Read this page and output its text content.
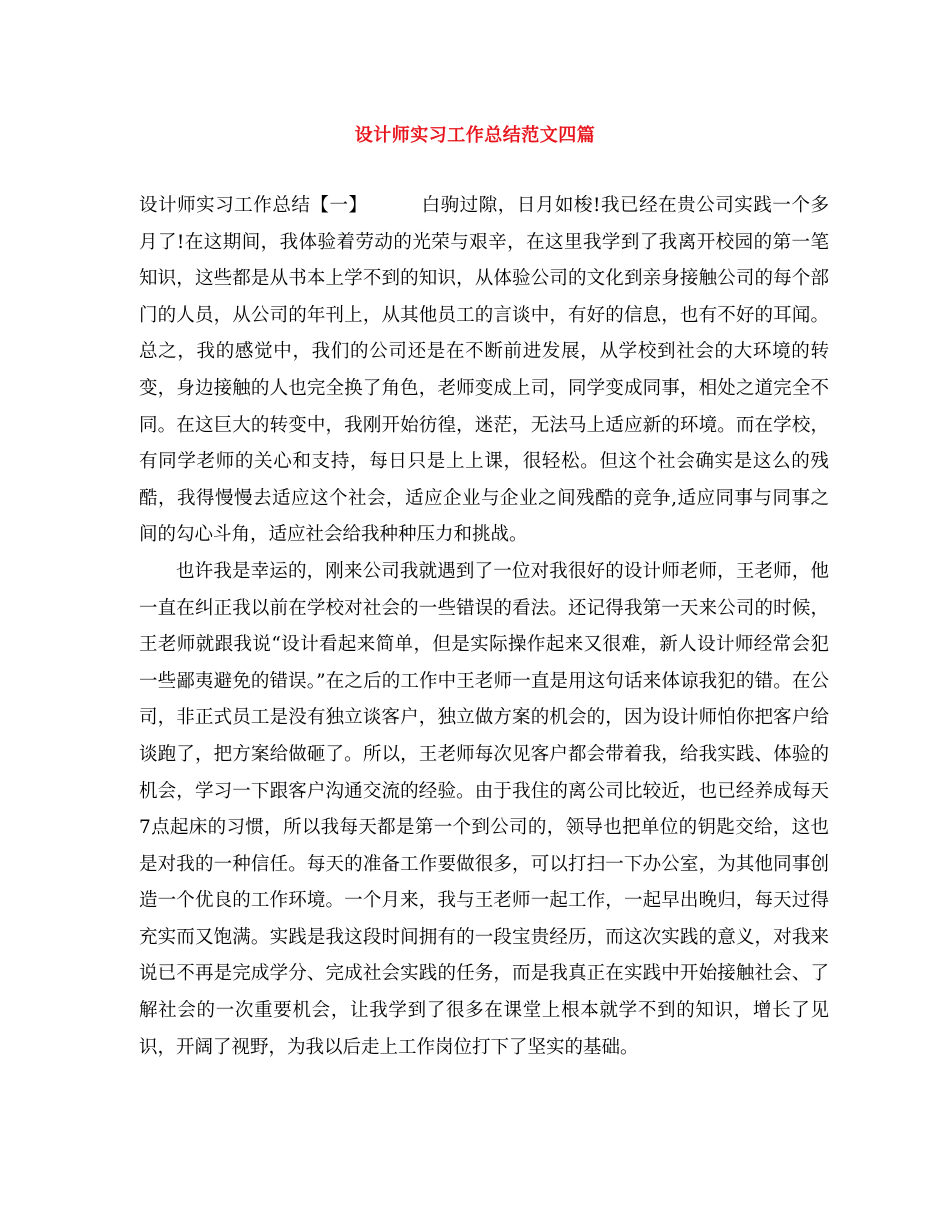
设计师实习工作总结范文四篇

设计师实习工作总结【一】	白驹过隙，日月如梭!我已经在贵公司实践一个多月了!在这期间，我体验着劳动的光荣与艰辛，在这里我学到了我离开校园的第一笔知识，这些都是从书本上学不到的知识，从体验公司的文化到亲身接触公司的每个部门的人员，从公司的年刊上，从其他员工的言谈中，有好的信息，也有不好的耳闻。总之，我的感觉中，我们的公司还是在不断前进发展，从学校到社会的大环境的转变，身边接触的人也完全换了角色，老师变成上司，同学变成同事，相处之道完全不同。在这巨大的转变中，我刚开始彷徨，迷茫，无法马上适应新的环境。而在学校，有同学老师的关心和支持，每日只是上上课，很轻松。但这个社会确实是这么的残酷，我得慢慢去适应这个社会，适应企业与企业之间残酷的竞争,适应同事与同事之间的勾心斗角，适应社会给我种种压力和挑战。

也许我是幸运的，刚来公司我就遇到了一位对我很好的设计师老师，王老师，他一直在纠正我以前在学校对社会的一些错误的看法。还记得我第一天来公司的时候，王老师就跟我说“设计看起来简单，但是实际操作起来又很难，新人设计师经常会犯一些鄙夷避免的错误。”在之后的工作中王老师一直是用这句话来体谅我犯的错。在公司，非正式员工是没有独立谈客户，独立做方案的机会的，因为设计师怕你把客户给谈跑了，把方案给做砸了。所以，王老师每次见客户都会带着我，给我实践、体验的机会，学习一下跟客户沟通交流的经验。由于我住的离公司比较近，也已经养成每天7点起床的习惯，所以我每天都是第一个到公司的，领导也把单位的钥匙交给，这也是对我的一种信任。每天的准备工作要做很多，可以打扫一下办公室，为其他同事创造一个优良的工作环境。一个月来，我与王老师一起工作，一起早出晚归，每天过得充实而又饱满。实践是我这段时间拥有的一段宝贵经历，而这次实践的意义，对我来说已不再是完成学分、完成社会实践的任务，而是我真正在实践中开始接触社会、了解社会的一次重要机会，让我学到了很多在课堂上根本就学不到的知识，增长了见识，开阔了视野，为我以后走上工作岗位打下了坚实的基础。
